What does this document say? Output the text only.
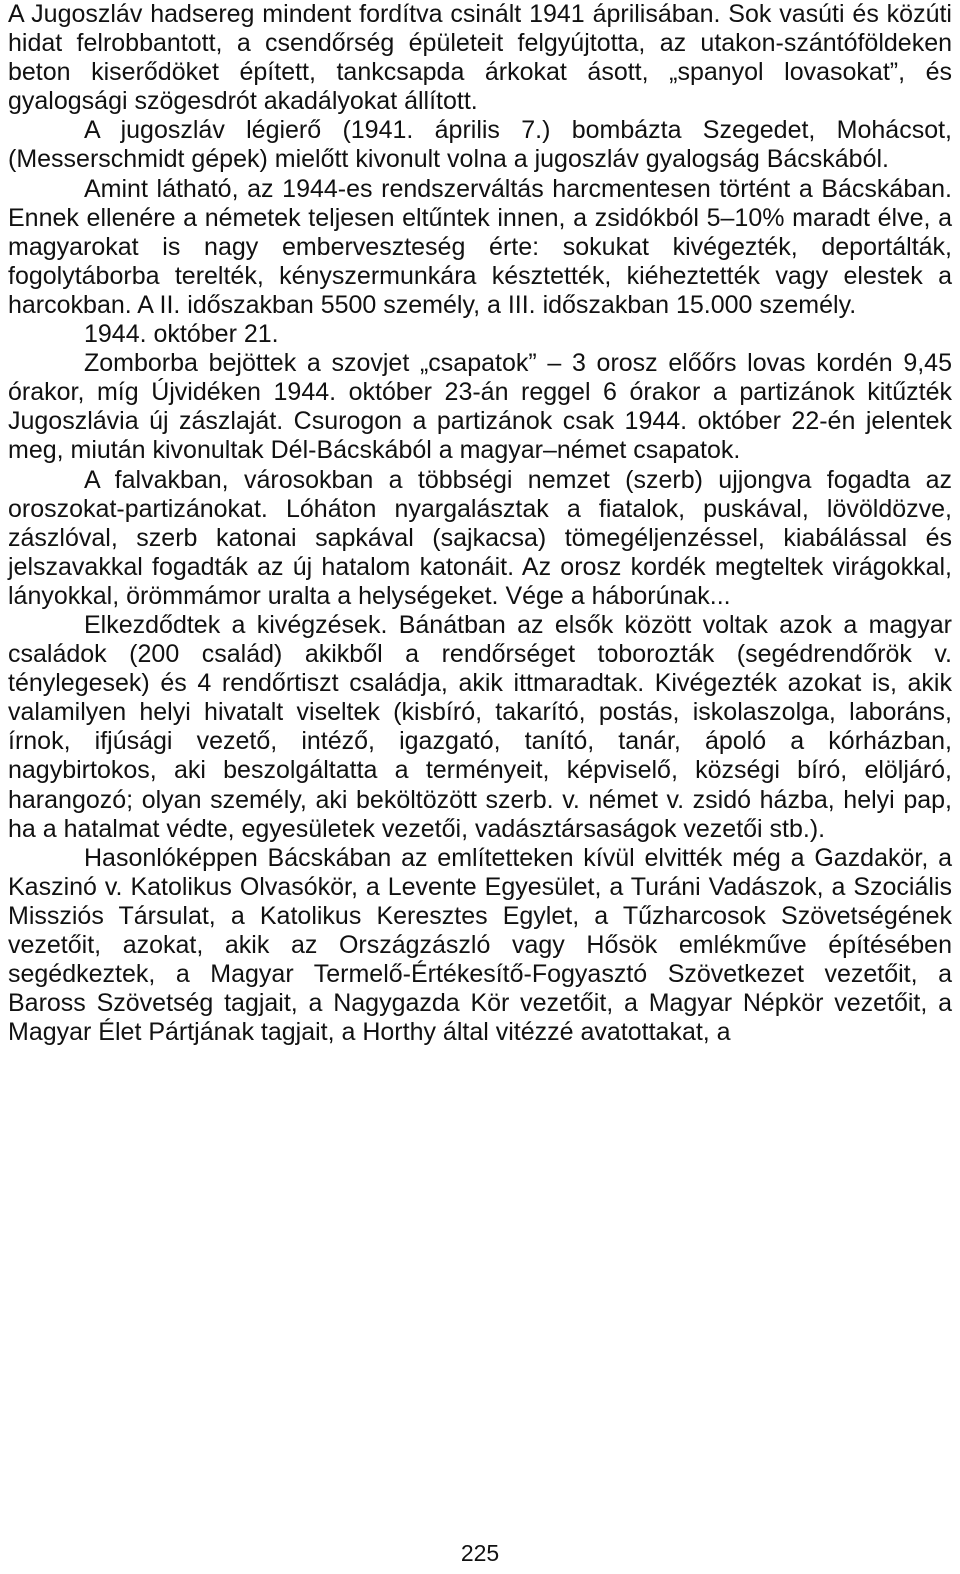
A Jugoszláv hadsereg mindent fordítva csinált 1941 áprilisában. Sok vasúti és közúti hidat felrobbantott, a csendőrség épületeit felgyújtotta, az utakon-szántóföldeken beton kiserődöket épített, tankcsapda árkokat ásott, „spanyol lovasokat”, és gyalogsági szögesdrót akadályokat állított.

A jugoszláv légierő (1941. április 7.) bombázta Szegedet, Mohácsot, (Messerschmidt gépek) mielőtt kivonult volna a jugoszláv gyalogság Bácskából.

Amint látható, az 1944-es rendszerváltás harcmentesen történt a Bácskában. Ennek ellenére a németek teljesen eltűntek innen, a zsidókból 5–10% maradt élve, a magyarokat is nagy emberveszteség érte: sokukat kivégezték, deportálták, fogolytáborba terelték, kényszermunkára késztették, kiéheztették vagy elestek a harcokban. A II. időszakban 5500 személy, a III. időszakban 15.000 személy.

1944. október 21.

Zomborba bejöttek a szovjet „csapatok” – 3 orosz előőrs lovas kordén 9,45 órakor, míg Újvidéken 1944. október 23-án reggel 6 órakor a partizánok kitűzték Jugoszlávia új zászlaját. Csurogon a partizánok csak 1944. október 22-én jelentek meg, miután kivonultak Dél-Bácskából a magyar–német csapatok.

A falvakban, városokban a többségi nemzet (szerb) ujjongva fogadta az oroszokat-partizánokat. Lóháton nyargalásztak a fiatalok, puskával, lövöldözve, zászlóval, szerb katonai sapkával (sajkacsa) tömegéljenzéssel, kiabálással és jelszavakkal fogadták az új hatalom katonáit. Az orosz kordék megteltek virágokkal, lányokkal, örömmámor uralta a helységeket. Vége a háborúnak...

Elkezdődtek a kivégzések. Bánátban az elsők között voltak azok a magyar családok (200 család) akikből a rendőrséget toborozták (segédrendőrök v. ténylegesek) és 4 rendőrtiszt családja, akik ittmaradtak. Kivégezték azokat is, akik valamilyen helyi hivatalt viseltek (kisbíró, takarító, postás, iskolaszolga, laboráns, írnok, ifjúsági vezető, intéző, igazgató, tanító, tanár, ápoló a kórházban, nagybirtokos, aki beszolgáltatta a terményeit, képviselő, községi bíró, elöljáró, harangozó; olyan személy, aki beköltözött szerb. v. német v. zsidó házba, helyi pap, ha a hatalmat védte, egyesületek vezetői, vadásztársaságok vezetői stb.).

Hasonlóképpen Bácskában az említetteken kívül elvitték még a Gazdakör, a Kaszinó v. Katolikus Olvasókör, a Levente Egyesület, a Turáni Vadászok, a Szociális Missziós Társulat, a Katolikus Keresztes Egylet, a Tűzharcosok Szövetségének vezetőit, azokat, akik az Országzászló vagy Hősök emlékműve építésében segédkeztek, a Magyar Termelő-Értékesítő-Fogyasztó Szövetkezet vezetőit, a Baross Szövetség tagjait, a Nagygazda Kör vezetőit, a Magyar Népkör vezetőit, a Magyar Élet Pártjának tagjait, a Horthy által vitézzé avatottakat, a

225
